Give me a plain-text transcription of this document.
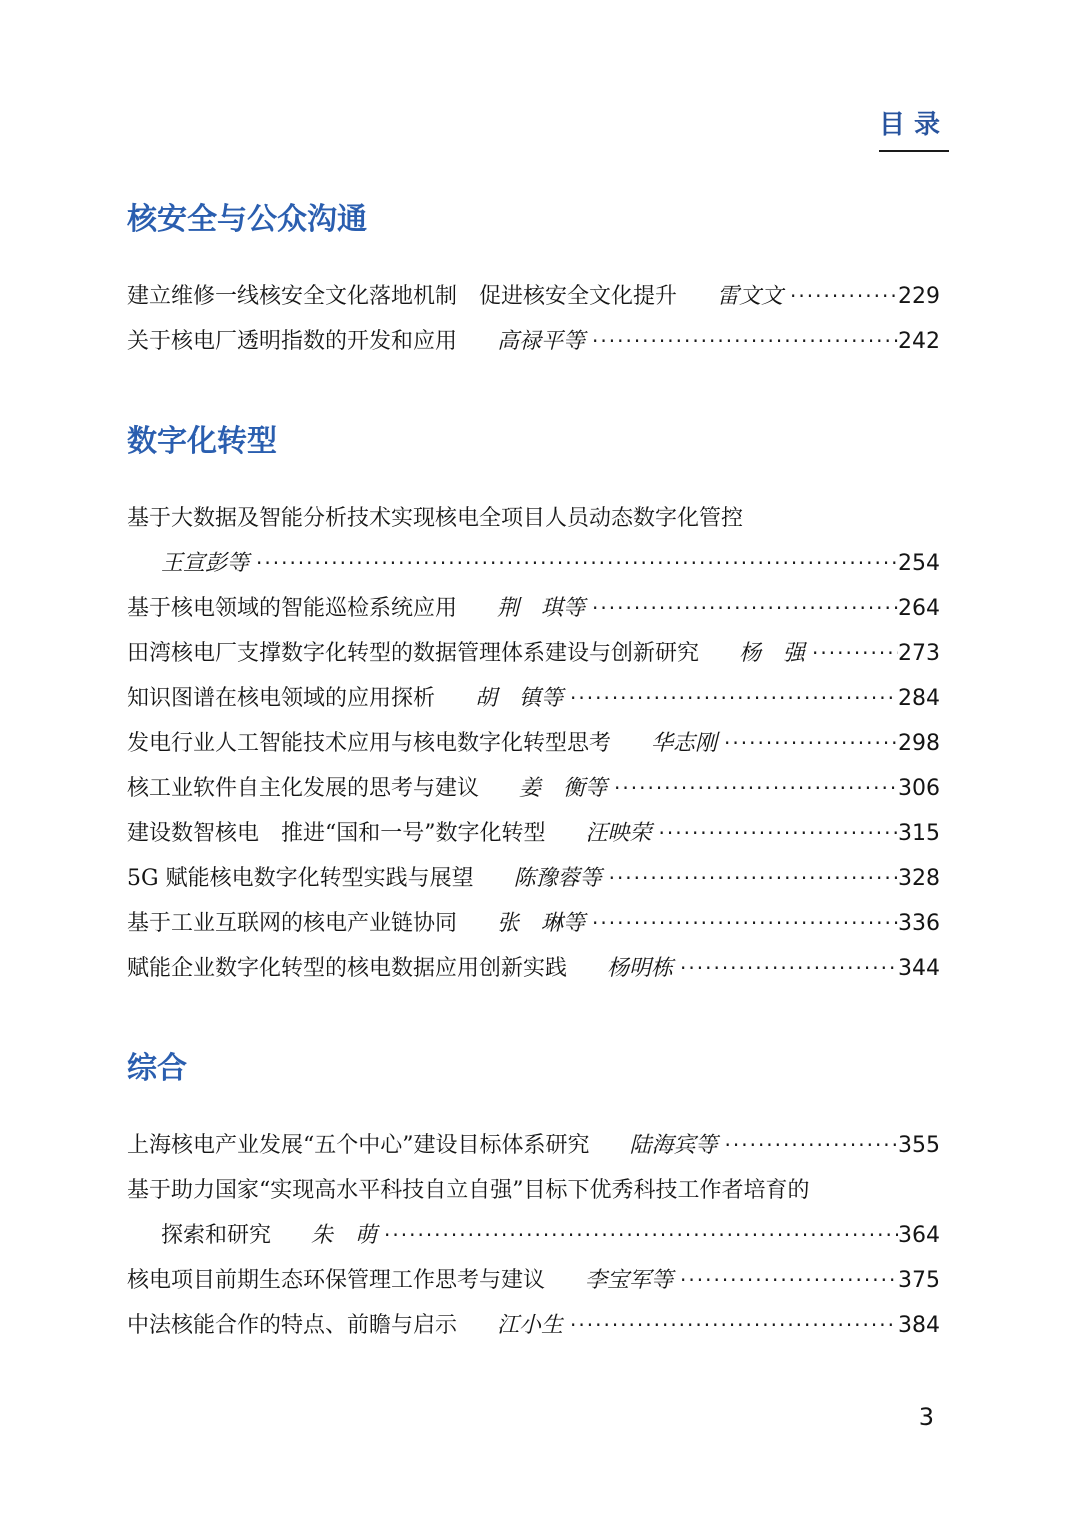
目录
核安全与公众沟通
建立维修一线核安全文化落地机制　促进核安全文化提升 雷文文 ·····	229
关于核电厂透明指数的开发和应用 高禄平等 ·····	242
数字化转型
基于大数据及智能分析技术实现核电全项目人员动态数字化管控
王宣彭等 ·····	254
基于核电领域的智能巡检系统应用 荆　琪等 ·····	264
田湾核电厂支撑数字化转型的数据管理体系建设与创新研究 杨　强 ·····	273
知识图谱在核电领域的应用探析 胡　镇等 ·····	284
发电行业人工智能技术应用与核电数字化转型思考 华志刚 ·····	298
核工业软件自主化发展的思考与建议 姜　衡等 ·····	306
建设数智核电　推进“国和一号”数字化转型 汪映荣 ·····	315
5G 赋能核电数字化转型实践与展望 陈豫蓉等 ·····	328
基于工业互联网的核电产业链协同 张　琳等 ·····	336
赋能企业数字化转型的核电数据应用创新实践 杨明栋 ·····	344
综合
上海核电产业发展“五个中心”建设目标体系研究 陆海宾等 ·····	355
基于助力国家“实现高水平科技自立自强”目标下优秀科技工作者培育的
探索和研究 朱　萌 ·····	364
核电项目前期生态环保管理工作思考与建议 李宝军等 ·····	375
中法核能合作的特点、前瞻与启示 江小生 ·····	384
3
